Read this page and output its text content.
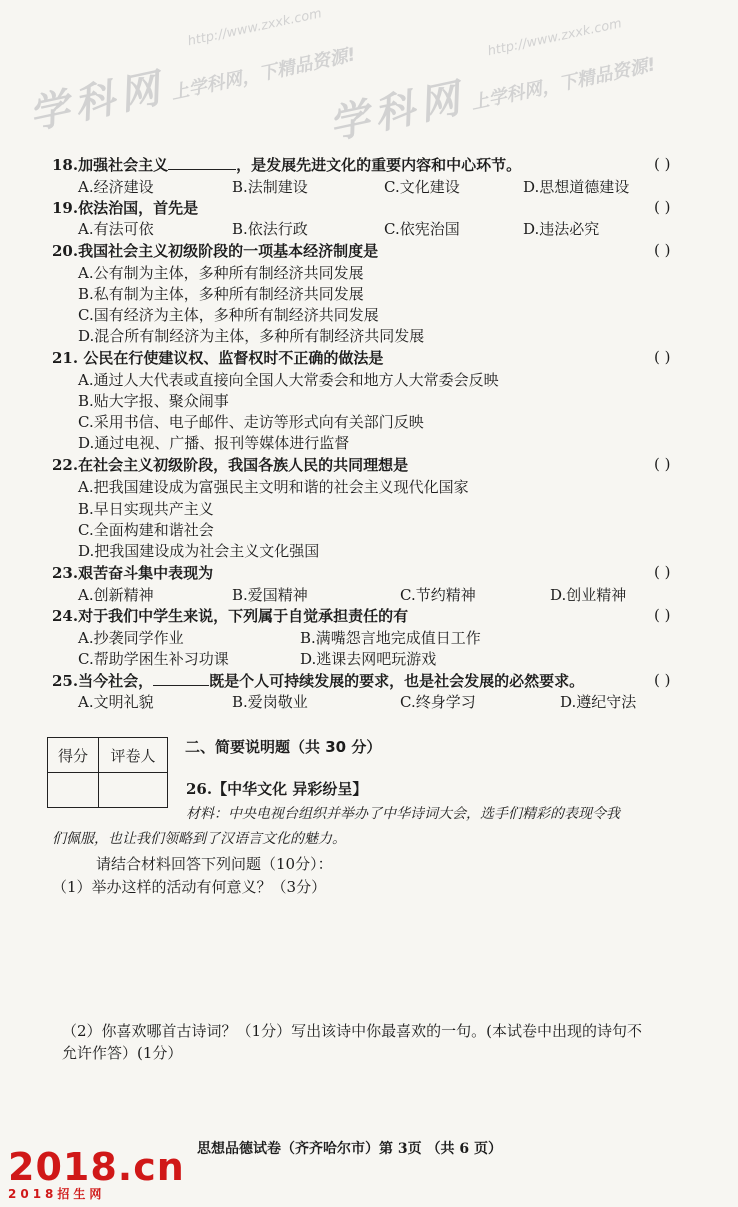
http://www.zxxk.com
学科网 上学科网，下精品资源!
http://www.zxxk.com
学科网 上学科网，下精品资源!
18.加强社会主义	，是发展先进文化的重要内容和中心环节。	( )
A.经济建设	B.法制建设	C.文化建设	D.思想道德建设
19.依法治国，首先是	( )
A.有法可依	B.依法行政	C.依宪治国	D.违法必究
20.我国社会主义初级阶段的一项基本经济制度是	( )
A.公有制为主体，多种所有制经济共同发展
B.私有制为主体，多种所有制经济共同发展
C.国有经济为主体，多种所有制经济共同发展
D.混合所有制经济为主体，多种所有制经济共同发展
21. 公民在行使建议权、监督权时不正确的做法是	( )
A.通过人大代表或直接向全国人大常委会和地方人大常委会反映
B.贴大字报、聚众闹事
C.采用书信、电子邮件、走访等形式向有关部门反映
D.通过电视、广播、报刊等媒体进行监督
22.在社会主义初级阶段，我国各族人民的共同理想是	( )
A.把我国建设成为富强民主文明和谐的社会主义现代化国家
B.早日实现共产主义
C.全面构建和谐社会
D.把我国建设成为社会主义文化强国
23.艰苦奋斗集中表现为	( )
A.创新精神	B.爱国精神	C.节约精神	D.创业精神
24.对于我们中学生来说，下列属于自觉承担责任的有	( )
A.抄袭同学作业	B.满嘴怨言地完成值日工作
C.帮助学困生补习功课	D.逃课去网吧玩游戏
25.当今社会，	既是个人可持续发展的要求，也是社会发展的必然要求。	( )
A.文明礼貌	B.爱岗敬业	C.终身学习	D.遵纪守法
得分	评卷人
	二、简要说明题（共 30 分）
26.【中华文化 异彩纷呈】
材料：中央电视台组织并举办了中华诗词大会，选手们精彩的表现令我
们佩服，也让我们领略到了汉语言文化的魅力。
请结合材料回答下列问题（10分）：
（1）举办这样的活动有何意义？（3分）
（2）你喜欢哪首古诗词？（1分）写出该诗中你最喜欢的一句。(本试卷中出现的诗句不
允许作答）(1分）
思想品德试卷（齐齐哈尔市）第 3页 （共 6 页）
2018.cn
2018招生网
